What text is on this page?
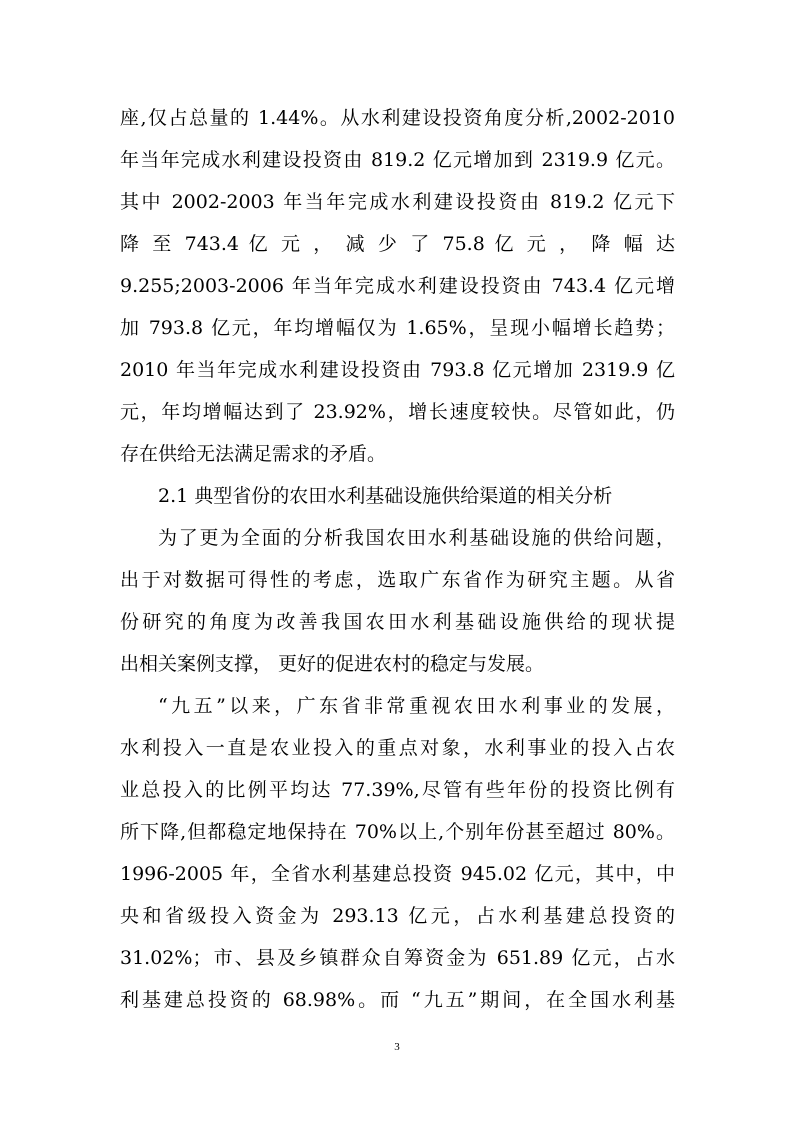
座,仅占总量的 1.44%。从水利建设投资角度分析,2002-2010
年当年完成水利建设投资由 819.2 亿元增加到 2319.9 亿元。
其中 2002-2003 年当年完成水利建设投资由 819.2 亿元下
降 至 743.4 亿 元 ， 减 少 了 75.8 亿 元 ， 降 幅 达
9.255;2003-2006 年当年完成水利建设投资由 743.4 亿元增
加 793.8 亿元，年均增幅仅为 1.65%，呈现小幅增长趋势；
2010 年当年完成水利建设投资由 793.8 亿元增加 2319.9 亿
元，年均增幅达到了 23.92%，增长速度较快。尽管如此，仍
存在供给无法满足需求的矛盾。
2.1 典型省份的农田水利基础设施供给渠道的相关分析
为了更为全面的分析我国农田水利基础设施的供给问题，
出于对数据可得性的考虑，选取广东省作为研究主题。从省
份研究的角度为改善我国农田水利基础设施供给的现状提
出相关案例支撑， 更好的促进农村的稳定与发展。
“九五”以来，广东省非常重视农田水利事业的发展，
水利投入一直是农业投入的重点对象，水利事业的投入占农
业总投入的比例平均达 77.39%,尽管有些年份的投资比例有
所下降,但都稳定地保持在 70%以上,个别年份甚至超过 80%。
1996-2005 年，全省水利基建总投资 945.02 亿元，其中，中
央和省级投入资金为 293.13 亿元，占水利基建总投资的
31.02%；市、县及乡镇群众自筹资金为 651.89 亿元，占水
利基建总投资的 68.98%。而 “九五”期间，在全国水利基
3
